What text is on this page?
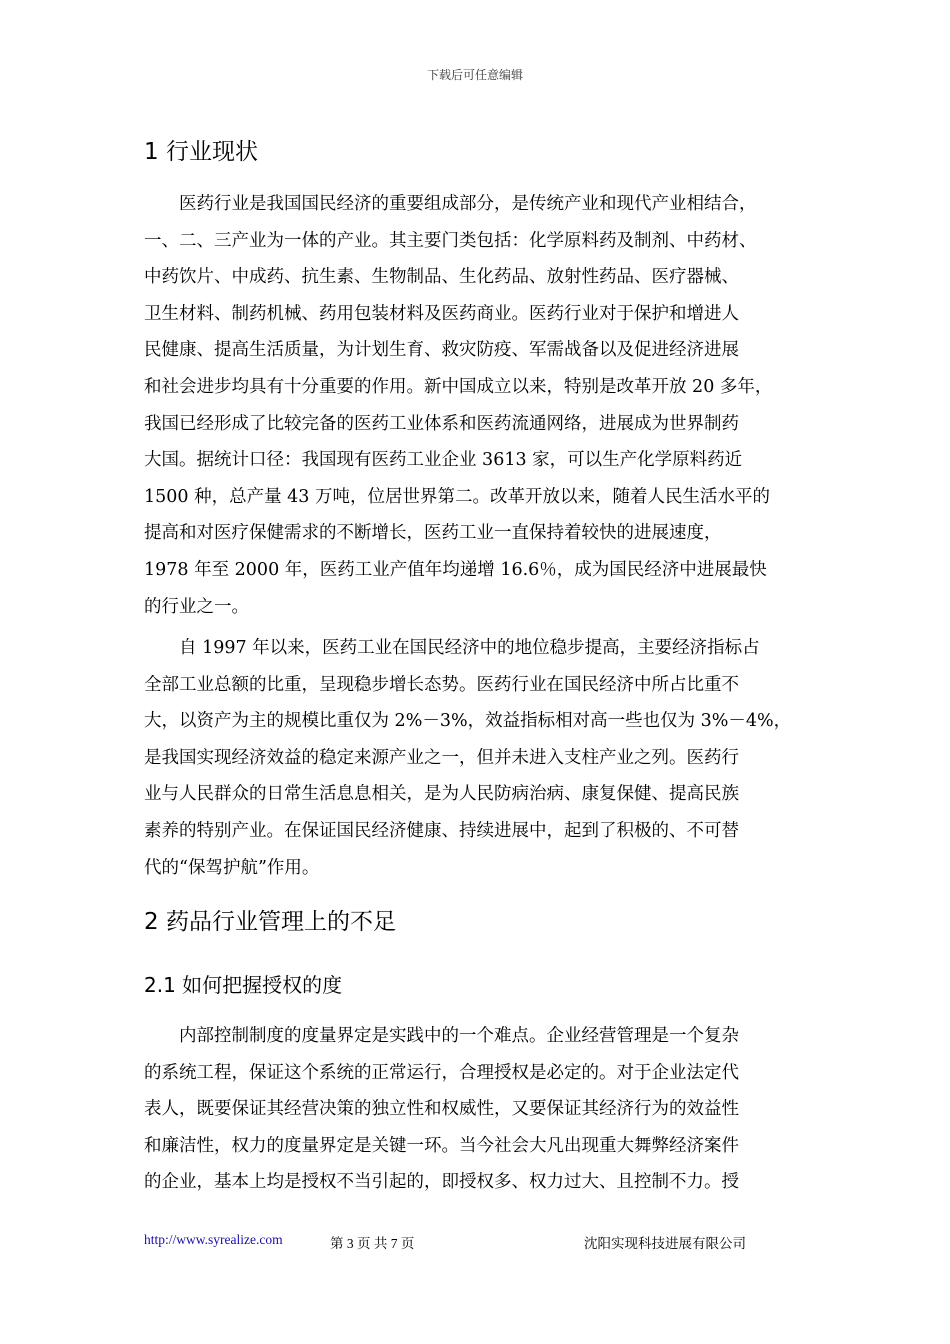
下载后可任意编辑
1 行业现状
　　医药行业是我国国民经济的重要组成部分，是传统产业和现代产业相结合，
一、二、三产业为一体的产业。其主要门类包括：化学原料药及制剂、中药材、
中药饮片、中成药、抗生素、生物制品、生化药品、放射性药品、医疗器械、
卫生材料、制药机械、药用包装材料及医药商业。医药行业对于保护和增进人
民健康、提高生活质量，为计划生育、救灾防疫、军需战备以及促进经济进展
和社会进步均具有十分重要的作用。新中国成立以来，特别是改革开放 20 多年，
我国已经形成了比较完备的医药工业体系和医药流通网络，进展成为世界制药
大国。据统计口径：我国现有医药工业企业 3613 家，可以生产化学原料药近
1500 种，总产量 43 万吨，位居世界第二。改革开放以来，随着人民生活水平的
提高和对医疗保健需求的不断增长，医药工业一直保持着较快的进展速度，
1978 年至 2000 年，医药工业产值年均递增 16.6％，成为国民经济中进展最快
的行业之一。
　　自 1997 年以来，医药工业在国民经济中的地位稳步提高，主要经济指标占
全部工业总额的比重，呈现稳步增长态势。医药行业在国民经济中所占比重不
大，以资产为主的规模比重仅为 2%－3%，效益指标相对高一些也仅为 3%－4%，
是我国实现经济效益的稳定来源产业之一，但并未进入支柱产业之列。医药行
业与人民群众的日常生活息息相关，是为人民防病治病、康复保健、提高民族
素养的特别产业。在保证国民经济健康、持续进展中，起到了积极的、不可替
代的“保驾护航”作用。
2 药品行业管理上的不足
2.1 如何把握授权的度
　　内部控制制度的度量界定是实践中的一个难点。企业经营管理是一个复杂
的系统工程，保证这个系统的正常运行，合理授权是必定的。对于企业法定代
表人，既要保证其经营决策的独立性和权威性，又要保证其经济行为的效益性
和廉洁性，权力的度量界定是关键一环。当今社会大凡出现重大舞弊经济案件
的企业，基本上均是授权不当引起的，即授权多、权力过大、且控制不力。授
http://www.syrealize.com	第 3 页 共 7 页	沈阳实现科技进展有限公司
